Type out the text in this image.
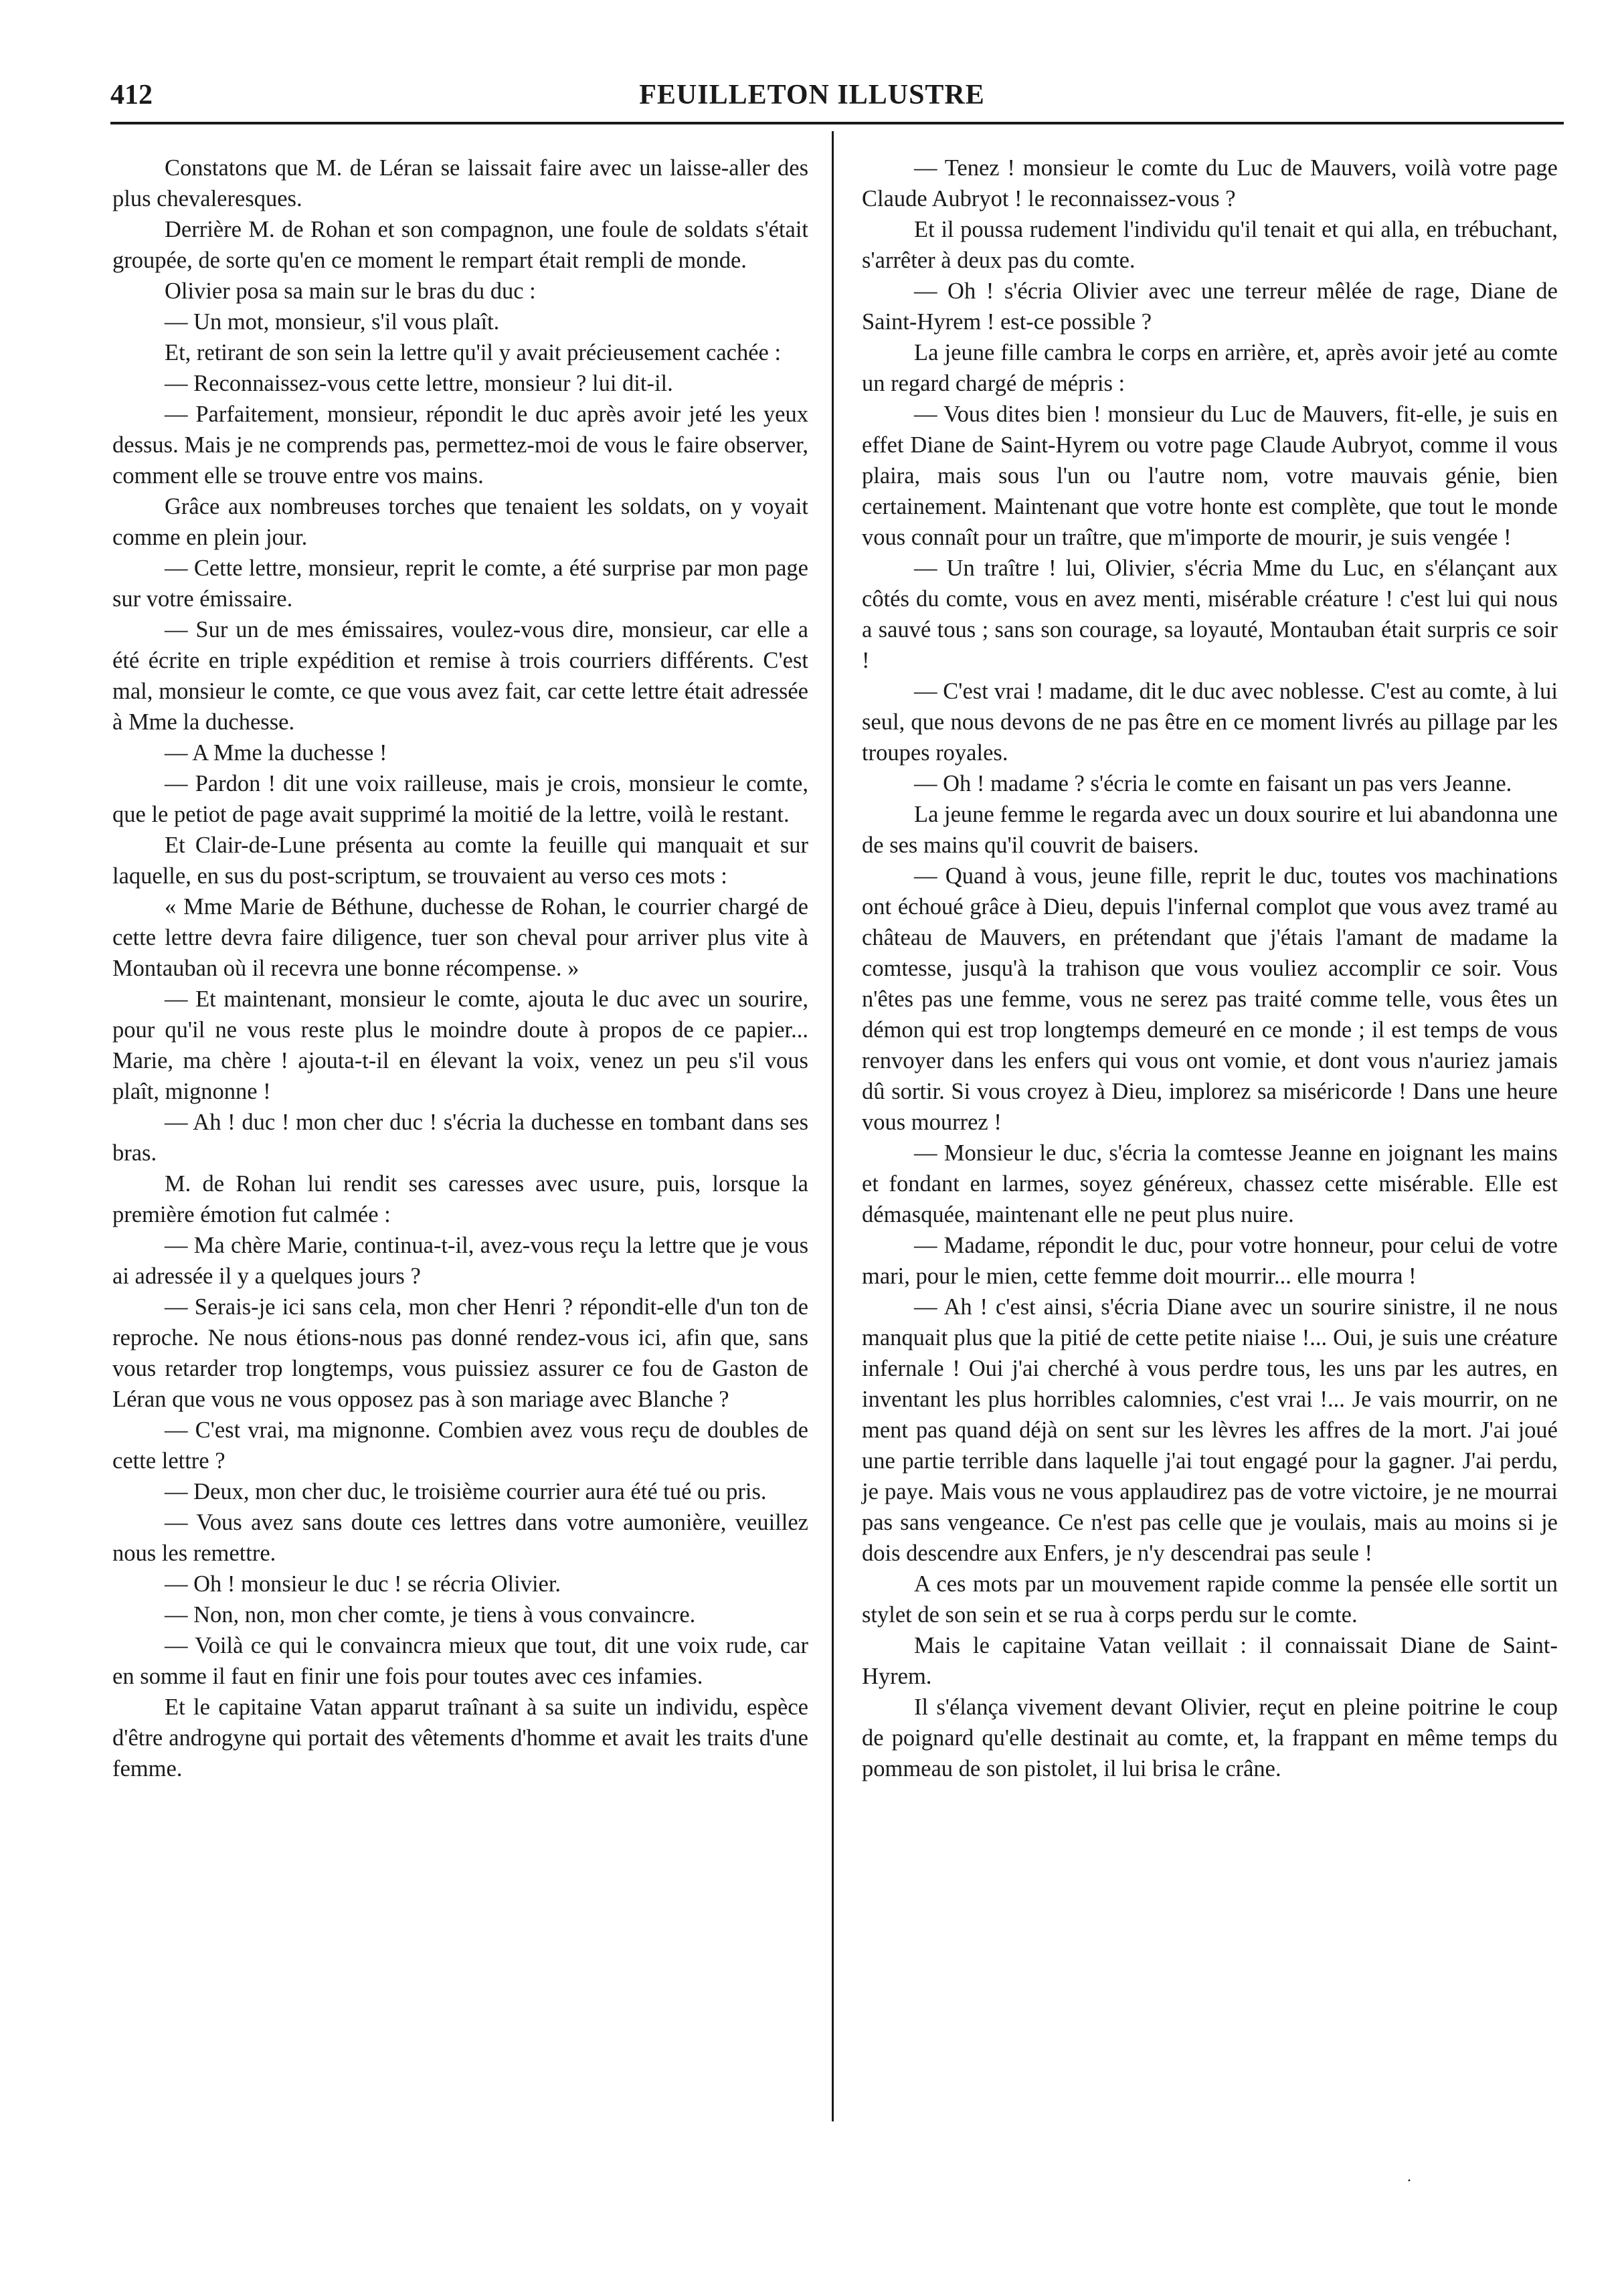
412	FEUILLETON ILLUSTRE

Constatons que M. de Léran se laissait faire avec un laisse-aller des plus chevaleresques.

Derrière M. de Rohan et son compagnon, une foule de soldats s'était groupée, de sorte qu'en ce moment le rempart était rempli de monde.

Olivier posa sa main sur le bras du duc :

— Un mot, monsieur, s'il vous plaît.

Et, retirant de son sein la lettre qu'il y avait précieusement cachée :

— Reconnaissez-vous cette lettre, monsieur ? lui dit-il.

— Parfaitement, monsieur, répondit le duc après avoir jeté les yeux dessus. Mais je ne comprends pas, permettez-moi de vous le faire observer, comment elle se trouve entre vos mains.

Grâce aux nombreuses torches que tenaient les soldats, on y voyait comme en plein jour.

— Cette lettre, monsieur, reprit le comte, a été surprise par mon page sur votre émissaire.

— Sur un de mes émissaires, voulez-vous dire, monsieur, car elle a été écrite en triple expédition et remise à trois courriers différents. C'est mal, monsieur le comte, ce que vous avez fait, car cette lettre était adressée à Mme la duchesse.

— A Mme la duchesse !

— Pardon ! dit une voix railleuse, mais je crois, monsieur le comte, que le petiot de page avait supprimé la moitié de la lettre, voilà le restant.

Et Clair-de-Lune présenta au comte la feuille qui manquait et sur laquelle, en sus du post-scriptum, se trouvaient au verso ces mots :

« Mme Marie de Béthune, duchesse de Rohan, le courrier chargé de cette lettre devra faire diligence, tuer son cheval pour arriver plus vite à Montauban où il recevra une bonne récompense. »

— Et maintenant, monsieur le comte, ajouta le duc avec un sourire, pour qu'il ne vous reste plus le moindre doute à propos de ce papier... Marie, ma chère ! ajouta-t-il en élevant la voix, venez un peu s'il vous plaît, mignonne !

— Ah ! duc ! mon cher duc ! s'écria la duchesse en tombant dans ses bras.

M. de Rohan lui rendit ses caresses avec usure, puis, lorsque la première émotion fut calmée :

— Ma chère Marie, continua-t-il, avez-vous reçu la lettre que je vous ai adressée il y a quelques jours ?

— Serais-je ici sans cela, mon cher Henri ? répondit-elle d'un ton de reproche. Ne nous étions-nous pas donné rendez-vous ici, afin que, sans vous retarder trop longtemps, vous puissiez assurer ce fou de Gaston de Léran que vous ne vous opposez pas à son mariage avec Blanche ?

— C'est vrai, ma mignonne. Combien avez vous reçu de doubles de cette lettre ?

— Deux, mon cher duc, le troisième courrier aura été tué ou pris.

— Vous avez sans doute ces lettres dans votre aumonière, veuillez nous les remettre.

— Oh ! monsieur le duc ! se récria Olivier.

— Non, non, mon cher comte, je tiens à vous convaincre.

— Voilà ce qui le convaincra mieux que tout, dit une voix rude, car en somme il faut en finir une fois pour toutes avec ces infamies.

Et le capitaine Vatan apparut traînant à sa suite un individu, espèce d'être androgyne qui portait des vêtements d'homme et avait les traits d'une femme.

— Tenez ! monsieur le comte du Luc de Mauvers, voilà votre page Claude Aubryot ! le reconnaissez-vous ?

Et il poussa rudement l'individu qu'il tenait et qui alla, en trébuchant, s'arrêter à deux pas du comte.

— Oh ! s'écria Olivier avec une terreur mêlée de rage, Diane de Saint-Hyrem ! est-ce possible ?

La jeune fille cambra le corps en arrière, et, après avoir jeté au comte un regard chargé de mépris :

— Vous dites bien ! monsieur du Luc de Mauvers, fit-elle, je suis en effet Diane de Saint-Hyrem ou votre page Claude Aubryot, comme il vous plaira, mais sous l'un ou l'autre nom, votre mauvais génie, bien certainement. Maintenant que votre honte est complète, que tout le monde vous connaît pour un traître, que m'importe de mourir, je suis vengée !

— Un traître ! lui, Olivier, s'écria Mme du Luc, en s'élançant aux côtés du comte, vous en avez menti, misérable créature ! c'est lui qui nous a sauvé tous ; sans son courage, sa loyauté, Montauban était surpris ce soir !

— C'est vrai ! madame, dit le duc avec noblesse. C'est au comte, à lui seul, que nous devons de ne pas être en ce moment livrés au pillage par les troupes royales.

— Oh ! madame ? s'écria le comte en faisant un pas vers Jeanne.

La jeune femme le regarda avec un doux sourire et lui abandonna une de ses mains qu'il couvrit de baisers.

— Quand à vous, jeune fille, reprit le duc, toutes vos machinations ont échoué grâce à Dieu, depuis l'infernal complot que vous avez tramé au château de Mauvers, en prétendant que j'étais l'amant de madame la comtesse, jusqu'à la trahison que vous vouliez accomplir ce soir. Vous n'êtes pas une femme, vous ne serez pas traité comme telle, vous êtes un démon qui est trop longtemps demeuré en ce monde ; il est temps de vous renvoyer dans les enfers qui vous ont vomie, et dont vous n'auriez jamais dû sortir. Si vous croyez à Dieu, implorez sa miséricorde ! Dans une heure vous mourrez !

— Monsieur le duc, s'écria la comtesse Jeanne en joignant les mains et fondant en larmes, soyez généreux, chassez cette misérable. Elle est démasquée, maintenant elle ne peut plus nuire.

— Madame, répondit le duc, pour votre honneur, pour celui de votre mari, pour le mien, cette femme doit mourrir... elle mourra !

— Ah ! c'est ainsi, s'écria Diane avec un sourire sinistre, il ne nous manquait plus que la pitié de cette petite niaise !... Oui, je suis une créature infernale ! Oui j'ai cherché à vous perdre tous, les uns par les autres, en inventant les plus horribles calomnies, c'est vrai !... Je vais mourrir, on ne ment pas quand déjà on sent sur les lèvres les affres de la mort. J'ai joué une partie terrible dans laquelle j'ai tout engagé pour la gagner. J'ai perdu, je paye. Mais vous ne vous applaudirez pas de votre victoire, je ne mourrai pas sans vengeance. Ce n'est pas celle que je voulais, mais au moins si je dois descendre aux Enfers, je n'y descendrai pas seule !

A ces mots par un mouvement rapide comme la pensée elle sortit un stylet de son sein et se rua à corps perdu sur le comte.

Mais le capitaine Vatan veillait : il connaissait Diane de Saint-Hyrem.

Il s'élança vivement devant Olivier, reçut en pleine poitrine le coup de poignard qu'elle destinait au comte, et, la frappant en même temps du pommeau de son pistolet, il lui brisa le crâne.

·
